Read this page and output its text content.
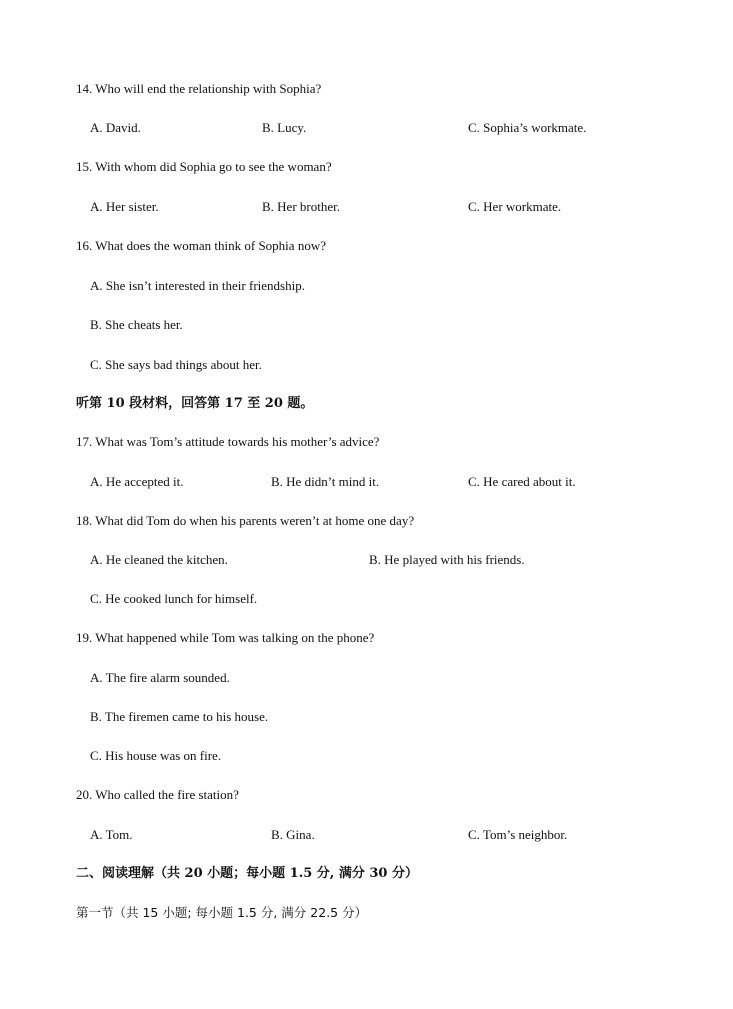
14. Who will end the relationship with Sophia?
A. David.	B. Lucy.	C. Sophia’s workmate.
15. With whom did Sophia go to see the woman?
A. Her sister.	B. Her brother.	C. Her workmate.
16. What does the woman think of Sophia now?
A. She isn’t interested in their friendship.
B. She cheats her.
C. She says bad things about her.
听第 10 段材料，回答第 17 至 20 题。
17. What was Tom’s attitude towards his mother’s advice?
A. He accepted it.	B. He didn’t mind it.	C. He cared about it.
18. What did Tom do when his parents weren’t at home one day?
A. He cleaned the kitchen.	B. He played with his friends.
C. He cooked lunch for himself.
19. What happened while Tom was talking on the phone?
A. The fire alarm sounded.
B. The firemen came to his house.
C. His house was on fire.
20. Who called the fire station?
A. Tom.	B. Gina.	C. Tom’s neighbor.
二、阅读理解（共 20 小题；每小题 1.5 分, 满分 30 分）
第一节（共 15 小题; 每小题 1.5 分, 满分 22.5 分）
